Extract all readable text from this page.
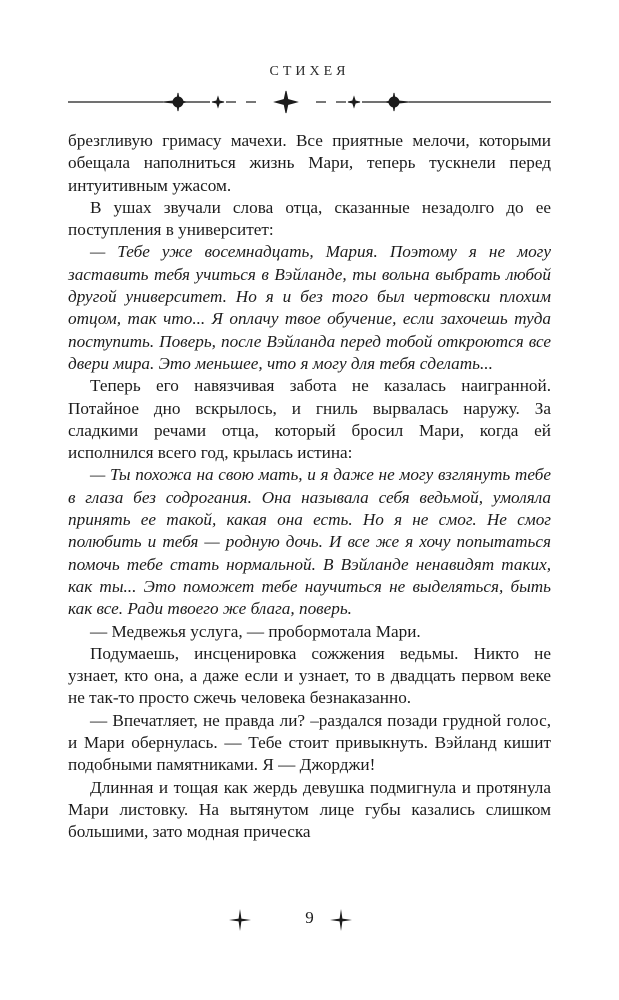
СТИХЕЯ

брезгливую гримасу мачехи. Все приятные мелочи, которыми обещала наполниться жизнь Мари, теперь тускнели перед интуитивным ужасом.

В ушах звучали слова отца, сказанные незадолго до ее поступления в университет:

— Тебе уже восемнадцать, Мария. Поэтому я не могу заставить тебя учиться в Вэйланде, ты вольна выбрать любой другой университет. Но я и без того был чертовски плохим отцом, так что... Я оплачу твое обучение, если захочешь туда поступить. Поверь, после Вэйланда перед тобой откроются все двери мира. Это меньшее, что я могу для тебя сделать...

Теперь его навязчивая забота не казалась наигранной. Потайное дно вскрылось, и гниль вырвалась наружу. За сладкими речами отца, который бросил Мари, когда ей исполнился всего год, крылась истина:

— Ты похожа на свою мать, и я даже не могу взглянуть тебе в глаза без содрогания. Она называла себя ведьмой, умоляла принять ее такой, какая она есть. Но я не смог. Не смог полюбить и тебя — родную дочь. И все же я хочу попытаться помочь тебе стать нормальной. В Вэйланде ненавидят таких, как ты... Это поможет тебе научиться не выделяться, быть как все. Ради твоего же блага, поверь.

— Медвежья услуга, — пробормотала Мари.

Подумаешь, инсценировка сожжения ведьмы. Никто не узнает, кто она, а даже если и узнает, то в двадцать первом веке не так-то просто сжечь человека безнаказанно.

— Впечатляет, не правда ли? –раздался позади грудной голос, и Мари обернулась. — Тебе стоит привыкнуть. Вэйланд кишит подобными памятниками. Я — Джорджи!

Длинная и тощая как жердь девушка подмигнула и протянула Мари листовку. На вытянутом лице губы казались слишком большими, зато модная прическа

9
